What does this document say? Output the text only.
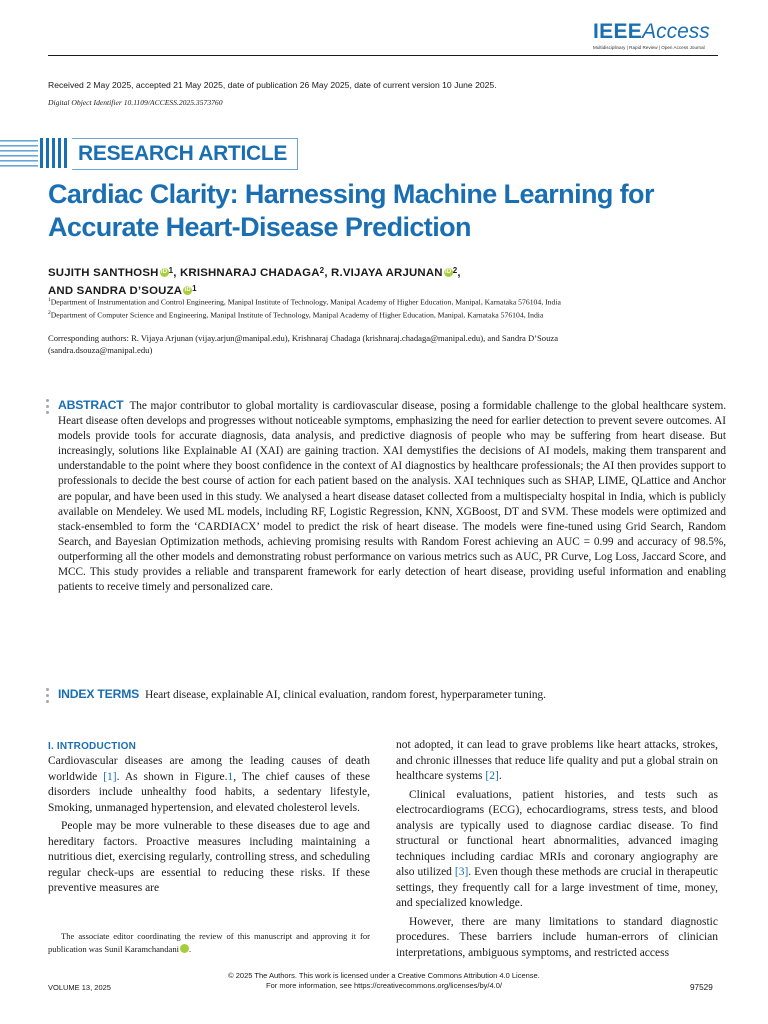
IEEEAccess
Multidisciplinary | Rapid Review | Open Access Journal
Received 2 May 2025, accepted 21 May 2025, date of publication 26 May 2025, date of current version 10 June 2025.
Digital Object Identifier 10.1109/ACCESS.2025.3573760
RESEARCH ARTICLE
Cardiac Clarity: Harnessing Machine Learning for Accurate Heart-Disease Prediction
SUJITH SANTHOSH iD$^1$, KRISHNARAJ CHADAGA$^2$, R.VIJAYA ARJUNAN iD$^2$,
AND SANDRA D’SOUZA iD$^1$
$^1$Department of Instrumentation and Control Engineering, Manipal Institute of Technology, Manipal Academy of Higher Education, Manipal, Karnataka 576104, India
$^2$Department of Computer Science and Engineering, Manipal Institute of Technology, Manipal Academy of Higher Education, Manipal, Karnataka 576104, India
Corresponding authors: R. Vijaya Arjunan (vijay.arjun@manipal.edu), Krishnaraj Chadaga (krishnaraj.chadaga@manipal.edu), and Sandra D’Souza (sandra.dsouza@manipal.edu)
ABSTRACT The major contributor to global mortality is cardiovascular disease, posing a formidable challenge to the global healthcare system. Heart disease often develops and progresses without noticeable symptoms, emphasizing the need for earlier detection to prevent severe outcomes. AI models provide tools for accurate diagnosis, data analysis, and predictive diagnosis of people who may be suffering from heart disease. But increasingly, solutions like Explainable AI (XAI) are gaining traction. XAI demystifies the decisions of AI models, making them transparent and understandable to the point where they boost confidence in the context of AI diagnostics by healthcare professionals; the AI then provides support to professionals to decide the best course of action for each patient based on the analysis. XAI techniques such as SHAP, LIME, QLattice and Anchor are popular, and have been used in this study. We analysed a heart disease dataset collected from a multispecialty hospital in India, which is publicly available on Mendeley. We used ML models, including RF, Logistic Regression, KNN, XGBoost, DT and SVM. These models were optimized and stack-ensembled to form the ‘CARDIACX’ model to predict the risk of heart disease. The models were fine-tuned using Grid Search, Random Search, and Bayesian Optimization methods, achieving promising results with Random Forest achieving an AUC = 0.99 and accuracy of 98.5%, outperforming all the other models and demonstrating robust performance on various metrics such as AUC, PR Curve, Log Loss, Jaccard Score, and MCC. This study provides a reliable and transparent framework for early detection of heart disease, providing useful information and enabling patients to receive timely and personalized care.
INDEX TERMS Heart disease, explainable AI, clinical evaluation, random forest, hyperparameter tuning.
I. INTRODUCTION

Cardiovascular diseases are among the leading causes of death worldwide [1]. As shown in Figure.1, The chief causes of these disorders include unhealthy food habits, a sedentary lifestyle, Smoking, unmanaged hypertension, and elevated cholesterol levels.

People may be more vulnerable to these diseases due to age and hereditary factors. Proactive measures including maintaining a nutritious diet, exercising regularly, controlling stress, and scheduling regular check-ups are essential to reducing these risks. If these preventive measures are

The associate editor coordinating the review of this manuscript and approving it for publication was Sunil Karamchandani iD.

not adopted, it can lead to grave problems like heart attacks, strokes, and chronic illnesses that reduce life quality and put a global strain on healthcare systems [2].

Clinical evaluations, patient histories, and tests such as electrocardiograms (ECG), echocardiograms, stress tests, and blood analysis are typically used to diagnose cardiac disease. To find structural or functional heart abnormalities, advanced imaging techniques including cardiac MRIs and coronary angiography are also utilized [3]. Even though these methods are crucial in therapeutic settings, they frequently call for a large investment of time, money, and specialized knowledge.

However, there are many limitations to standard diagnostic procedures. These barriers include human-errors of clinician interpretations, ambiguous symptoms, and restricted access

© 2025 The Authors. This work is licensed under a Creative Commons Attribution 4.0 License.
For more information, see https://creativecommons.org/licenses/by/4.0/
VOLUME 13, 2025	97529
